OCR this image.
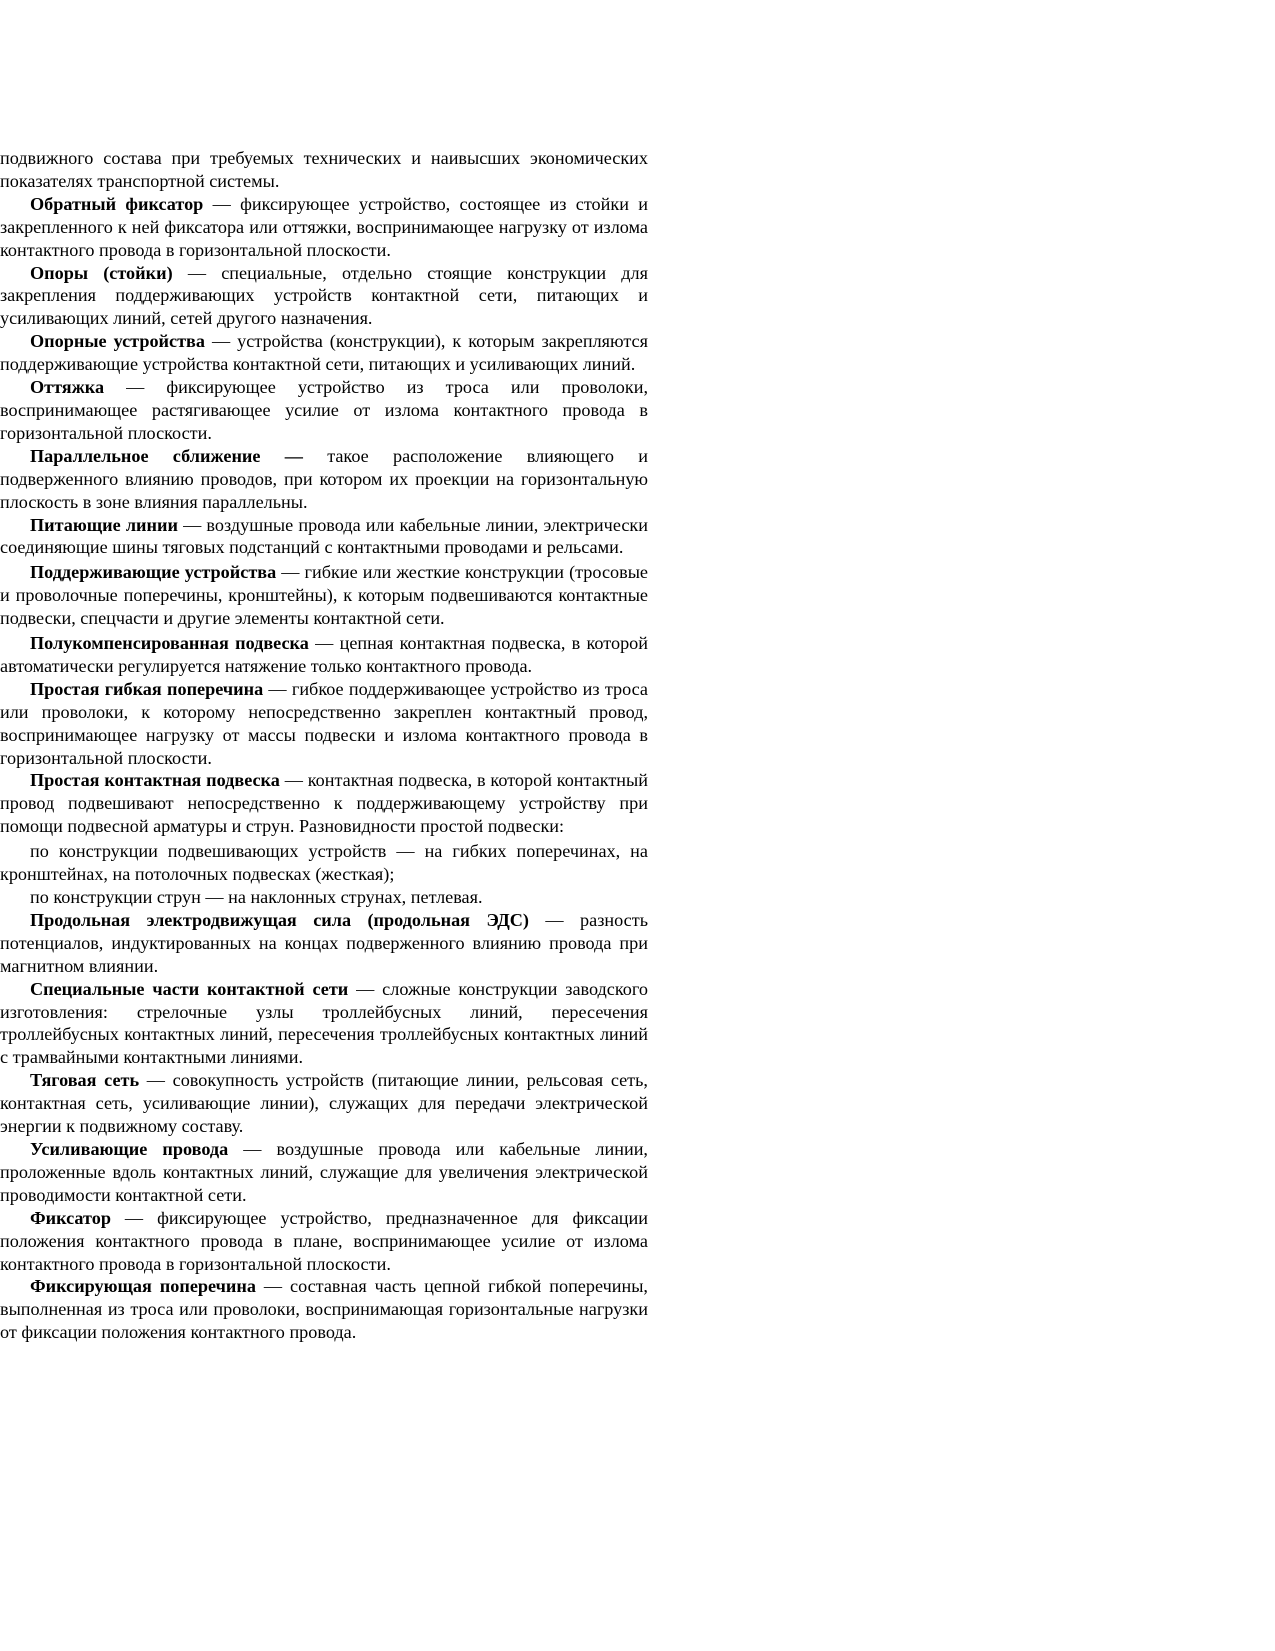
подвижного состава при требуемых технических и наивысших экономических показателях транспортной системы.

Обратный фиксатор — фиксирующее устройство, состоящее из стойки и закрепленного к ней фиксатора или оттяжки, воспринимающее нагрузку от излома контактного провода в горизонтальной плоскости.

Опоры (стойки) — специальные, отдельно стоящие конструкции для закрепления поддерживающих устройств контактной сети, питающих и усиливающих линий, сетей другого назначения.

Опорные устройства — устройства (конструкции), к которым закрепляются поддерживающие устройства контактной сети, питающих и усиливающих линий.

Оттяжка — фиксирующее устройство из троса или проволоки, воспринимающее растягивающее усилие от излома контактного провода в горизонтальной плоскости.

Параллельное сближение — такое расположение влияющего и подверженного влиянию проводов, при котором их проекции на горизонтальную плоскость в зоне влияния параллельны.

Питающие линии — воздушные провода или кабельные линии, электрически соединяющие шины тяговых подстанций с контактными проводами и рельсами.

Поддерживающие устройства — гибкие или жесткие конструкции (тросовые и проволочные поперечины, кронштейны), к которым подвешиваются контактные подвески, спецчасти и другие элементы контактной сети.

Полукомпенсированная подвеска — цепная контактная подвеска, в которой автоматически регулируется натяжение только контактного провода.

Простая гибкая поперечина — гибкое поддерживающее устройство из троса или проволоки, к которому непосредственно закреплен контактный провод, воспринимающее нагрузку от массы подвески и излома контактного провода в горизонтальной плоскости.

Простая контактная подвеска — контактная подвеска, в которой контактный провод подвешивают непосредственно к поддерживающему устройству при помощи подвесной арматуры и струн. Разновидности простой подвески:

по конструкции подвешивающих устройств — на гибких поперечинах, на кронштейнах, на потолочных подвесках (жесткая);

по конструкции струн — на наклонных струнах, петлевая.

Продольная электродвижущая сила (продольная ЭДС) — разность потенциалов, индуктированных на концах подверженного влиянию провода при магнитном влиянии.

Специальные части контактной сети — сложные конструкции заводского изготовления: стрелочные узлы троллейбусных линий, пересечения троллейбусных контактных линий, пересечения троллейбусных контактных линий с трамвайными контактными линиями.

Тяговая сеть — совокупность устройств (питающие линии, рельсовая сеть, контактная сеть, усиливающие линии), служащих для передачи электрической энергии к подвижному составу.

Усиливающие провода — воздушные провода или кабельные линии, проложенные вдоль контактных линий, служащие для увеличения электрической проводимости контактной сети.

Фиксатор — фиксирующее устройство, предназначенное для фиксации положения контактного провода в плане, воспринимающее усилие от излома контактного провода в горизонтальной плоскости.

Фиксирующая поперечина — составная часть цепной гибкой поперечины, выполненная из троса или проволоки, воспринимающая горизонтальные нагрузки от фиксации положения контактного провода.
